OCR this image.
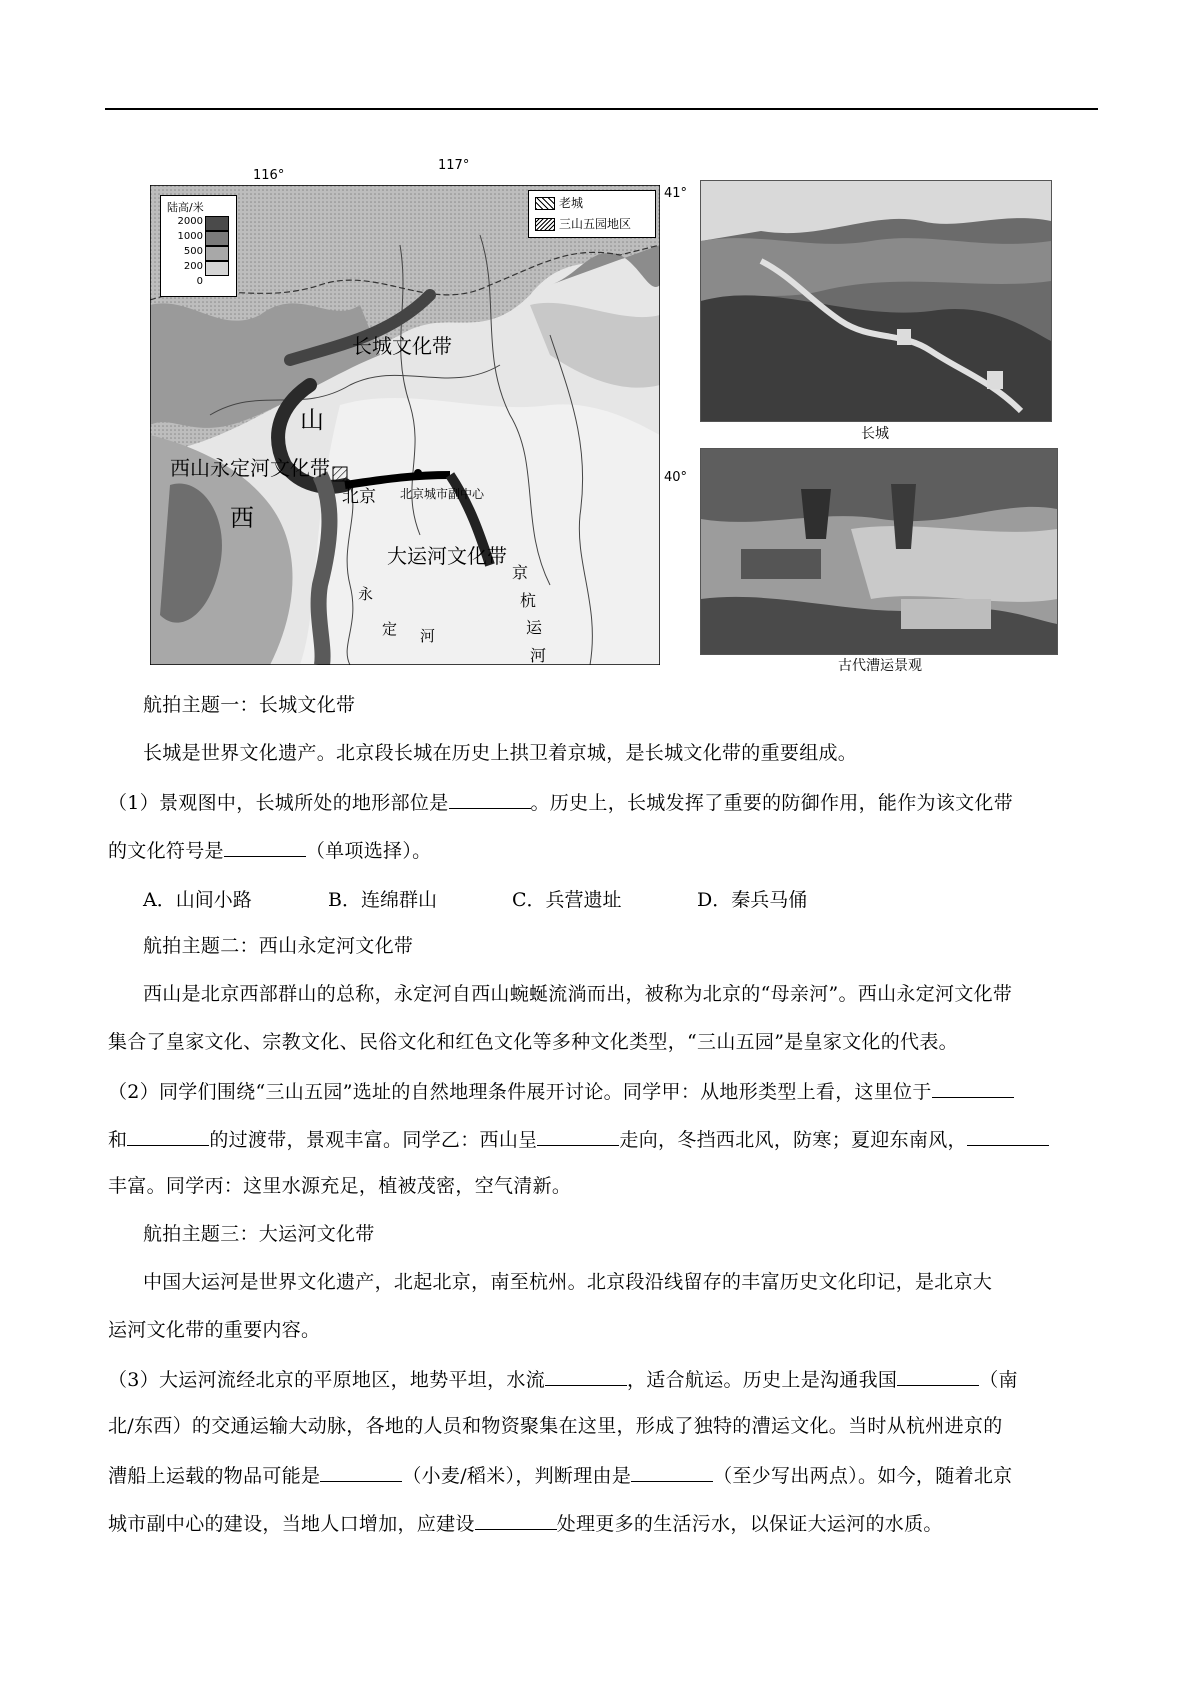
116°
117°
41°
40°
陆高/米
2000
1000
500
200
0
老城
三山五园地区
长城文化带
西山永定河文化带
大运河文化带
北京 北京城市副中心
山
西
永
定 河
京
杭
运
河
长城
古代漕运景观
航拍主题一：长城文化带
长城是世界文化遗产。北京段长城在历史上拱卫着京城，是长城文化带的重要组成。
（1）景观图中，长城所处的地形部位是	。历史上，长城发挥了重要的防御作用，能作为该文化带
的文化符号是	（单项选择）。
A．山间小路	B．连绵群山	C．兵营遗址	D．秦兵马俑
航拍主题二：西山永定河文化带
西山是北京西部群山的总称，永定河自西山蜿蜒流淌而出，被称为北京的“母亲河”。西山永定河文化带
集合了皇家文化、宗教文化、民俗文化和红色文化等多种文化类型，“三山五园”是皇家文化的代表。
（2）同学们围绕“三山五园”选址的自然地理条件展开讨论。同学甲：从地形类型上看，这里位于
和	的过渡带，景观丰富。同学乙：西山呈	走向，冬挡西北风，防寒；夏迎东南风，
丰富。同学丙：这里水源充足，植被茂密，空气清新。
航拍主题三：大运河文化带
中国大运河是世界文化遗产，北起北京，南至杭州。北京段沿线留存的丰富历史文化印记，是北京大
运河文化带的重要内容。
（3）大运河流经北京的平原地区，地势平坦，水流	，适合航运。历史上是沟通我国	（南
北/东西）的交通运输大动脉，各地的人员和物资聚集在这里，形成了独特的漕运文化。当时从杭州进京的
漕船上运载的物品可能是	（小麦/稻米），判断理由是	（至少写出两点）。如今，随着北京
城市副中心的建设，当地人口增加，应建设	处理更多的生活污水，以保证大运河的水质。
